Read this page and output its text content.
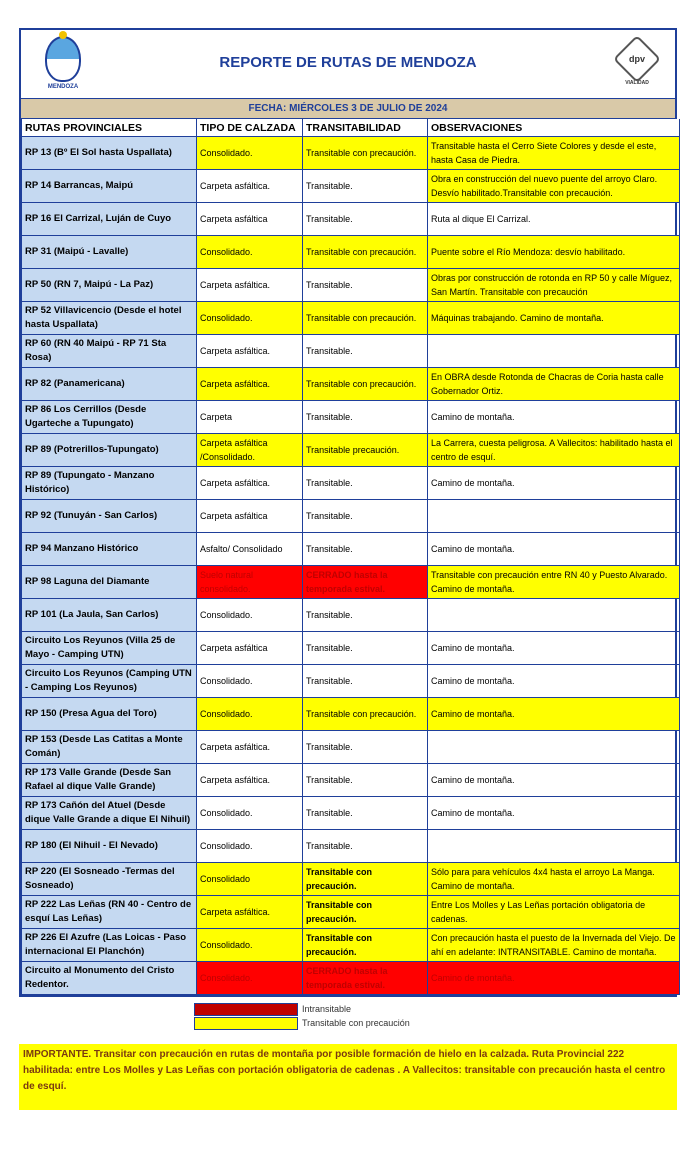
MENDOZA
REPORTE DE RUTAS DE MENDOZA	dpv
VIALIDAD
FECHA: MIÉRCOLES 3 DE JULIO DE 2024
RUTAS PROVINCIALES	TIPO DE CALZADA	TRANSITABILIDAD	OBSERVACIONES
RP 13 (Bº El Sol hasta Uspallata)	Consolidado.	Transitable con precaución.	Transitable hasta el Cerro Siete Colores y desde el este, hasta Casa de Piedra.
RP 14 Barrancas, Maipú	Carpeta asfáltica.	Transitable.	Obra en construcción del nuevo puente del arroyo Claro. Desvío habilitado.Transitable con precaución.
RP 16 El Carrizal, Luján de Cuyo	Carpeta asfáltica	Transitable.	Ruta al dique El Carrizal.
RP 31 (Maipú - Lavalle)	Consolidado.	Transitable con precaución.	Puente sobre el Río Mendoza: desvío habilitado.
RP 50 (RN 7, Maipú - La Paz)	Carpeta asfáltica.	Transitable.	Obras por construcción de rotonda en RP 50 y calle Míguez, San Martín. Transitable con precaución
RP 52 Villavicencio (Desde el hotel hasta Uspallata)	Consolidado.	Transitable con precaución.	Máquinas trabajando. Camino de montaña.
RP 60 (RN 40 Maipú - RP 71 Sta Rosa)	Carpeta asfáltica.	Transitable.	
RP 82 (Panamericana)	Carpeta asfáltica.	Transitable con precaución.	En OBRA desde Rotonda de Chacras de Coria hasta calle Gobernador Ortiz.
RP 86 Los Cerrillos (Desde Ugarteche a Tupungato)	Carpeta	Transitable.	Camino de montaña.
RP 89 (Potrerillos-Tupungato)	Carpeta asfáltica /Consolidado.	Transitable precaución.	La Carrera, cuesta peligrosa. A Vallecitos: habilitado hasta el centro de esquí.
RP 89 (Tupungato - Manzano Histórico)	Carpeta asfáltica.	Transitable.	Camino de montaña.
RP 92 (Tunuyán - San Carlos)	Carpeta asfáltica	Transitable.	
RP 94 Manzano Histórico	Asfalto/ Consolidado	Transitable.	Camino de montaña.
RP 98 Laguna del Diamante	Suelo natural consolidado.	CERRADO hasta la temporada estival.	Transitable con precaución entre RN 40 y Puesto Alvarado. Camino de montaña.
RP 101 (La Jaula, San Carlos)	Consolidado.	Transitable.	
Circuito Los Reyunos (Villa 25 de Mayo - Camping UTN)	Carpeta asfáltica	Transitable.	Camino de montaña.
Circuito Los Reyunos (Camping UTN - Camping Los Reyunos)	Consolidado.	Transitable.	Camino de montaña.
RP 150 (Presa Agua del Toro)	Consolidado.	Transitable con precaución.	Camino de montaña.
RP 153 (Desde Las Catitas a Monte Comán)	Carpeta asfáltica.	Transitable.	
RP 173 Valle Grande (Desde San Rafael al dique Valle Grande)	Carpeta asfáltica.	Transitable.	Camino de montaña.
RP 173 Cañón del Atuel (Desde dique Valle Grande a dique El Nihuil)	Consolidado.	Transitable.	Camino de montaña.
RP 180 (El Nihuil - El Nevado)	Consolidado.	Transitable.	
RP 220 (El Sosneado -Termas del Sosneado)	Consolidado	Transitable con precaución.	Sólo para para vehículos 4x4 hasta el arroyo La Manga. Camino de montaña.
RP 222 Las Leñas (RN 40 - Centro de esquí Las Leñas)	Carpeta asfáltica.	Transitable con precaución.	Entre Los Molles y Las Leñas portación obligatoria de cadenas.
RP 226 El Azufre (Las Loicas - Paso internacional El Planchón)	Consolidado.	Transitable con precaución.	Con precaución hasta el puesto de la Invernada del Viejo. De ahí en adelante: INTRANSITABLE. Camino de montaña.
Circuito al Monumento del Cristo Redentor.	Consolidado.	CERRADO hasta la temporada estival.	Camino de montaña.
Intransitable
Transitable con precaución
IMPORTANTE. Transitar con precaución en rutas de montaña por posible formación de hielo en la calzada. Ruta Provincial 222 habilitada: entre Los Molles y Las Leñas con portación obligatoria de cadenas . A Vallecitos: transitable con precaución hasta el centro de esquí.
